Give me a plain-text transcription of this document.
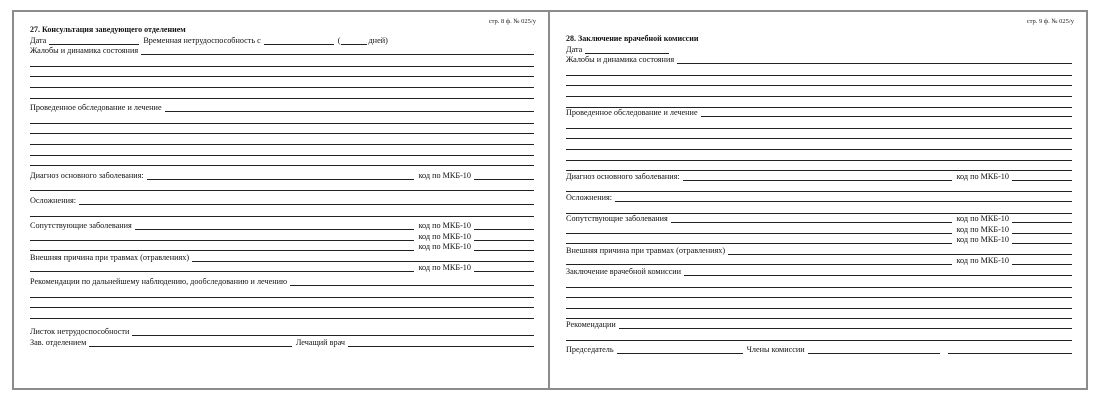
стр. 8 ф. № 025/у
27. Консультация заведующего отделением
Дата	Временная нетрудоспособность с	(	дней)
Жалобы и динамика состояния
Проведенное обследование и лечение
Диагноз основного заболевания:	код по МКБ-10
Осложнения:
Сопутствующие заболевания	код по МКБ-10
код по МКБ-10
код по МКБ-10
Внешняя причина при травмах (отравлениях)
код по МКБ-10
Рекомендации по дальнейшему наблюдению, дообследованию и лечению
Листок нетрудоспособности
Зав. отделением	Лечащий врач
стр. 9 ф. № 025/у
28. Заключение врачебной комиссии
Дата
Жалобы и динамика состояния
Проведенное обследование и лечение
Диагноз основного заболевания:	код по МКБ-10
Осложнения:
Сопутствующие заболевания	код по МКБ-10
код по МКБ-10
код по МКБ-10
Внешняя причина при травмах (отравлениях)
код по МКБ-10
Заключение врачебной комиссии
Рекомендации
Председатель	Члены комиссии
